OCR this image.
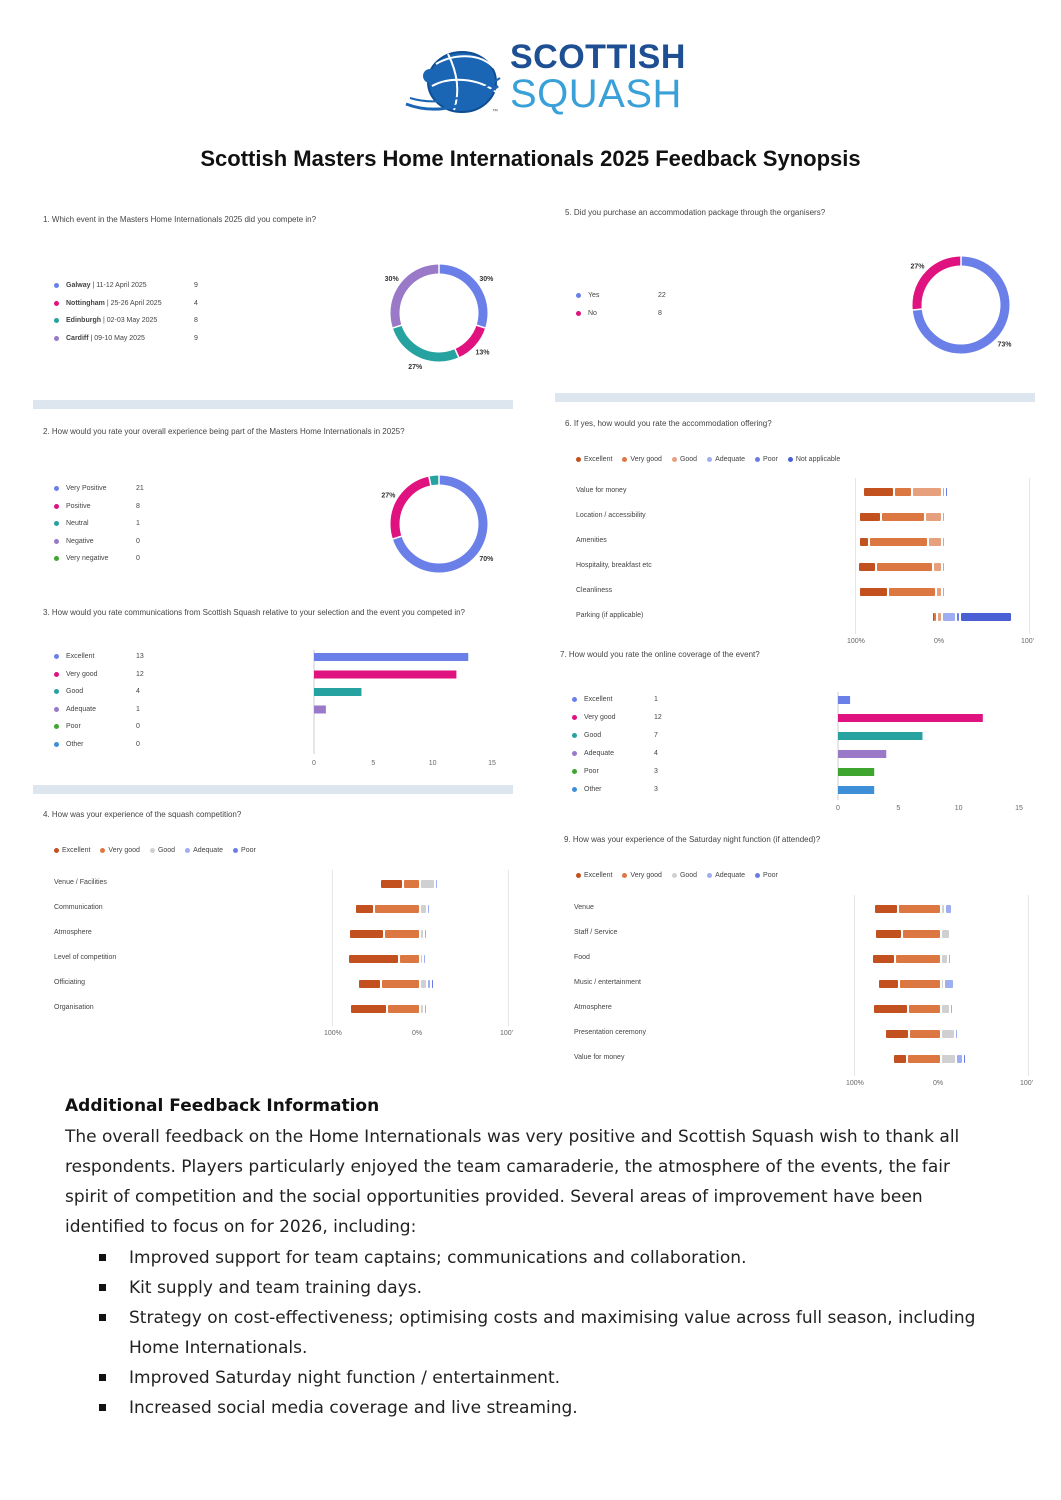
SCOTTISH
SQUASH
™
Scottish Masters Home Internationals 2025 Feedback Synopsis
1. Which event in the Masters Home Internationals 2025 did you compete in?
Galway | 11-12 April 2025	9
Nottingham | 25-26 April 2025	4
Edinburgh | 02-03 May 2025	8
Cardiff | 09-10 May 2025	9
30%
13%
27%
30%
2. How would you rate your overall experience being part of the Masters Home Internationals in 2025?
Very Positive	21
Positive	8
Neutral	1
Negative	0
Very negative	0	70%
27%
3. How would you rate communications from Scottish Squash relative to your selection and the event you competed in?
Excellent	13
Very good	12
Good	4
Adequate	1
Poor	0
Other	0
0	5	10	15
4. How was your experience of the squash competition?
Excellent	Very good	Good	Adequate	Poor
Venue / Facilities
Communication
Atmosphere
Level of competition
Officiating
Organisation
100%	0%	100'
5. Did you purchase an accommodation package through the organisers?
Yes	22
No	8
73%
27%
6. If yes, how would you rate the accommodation offering?
Excellent	Very good	Good	Adequate	Poor	Not applicable
Value for money
Location / accessibility
Amenities
Hospitality, breakfast etc
Cleanliness
Parking (if applicable)
100%	0%	100'
7. How would you rate the online coverage of the event?
Excellent	1
Very good	12
Good	7
Adequate	4
Poor	3
Other	3
0	5	10	15
9. How was your experience of the Saturday night function (if attended)?
Excellent	Very good	Good	Adequate	Poor
Venue
Staff / Service
Food
Music / entertainment
Atmosphere
Presentation ceremony
Value for money
100%	0%	100'
Additional Feedback Information
The overall feedback on the Home Internationals was very positive and Scottish Squash wish to thank all respondents. Players particularly enjoyed the team camaraderie, the atmosphere of the events, the fair spirit of competition and the social opportunities provided. Several areas of improvement have been identified to focus on for 2026, including:
Improved support for team captains; communications and collaboration.
Kit supply and team training days.
Strategy on cost-effectiveness; optimising costs and maximising value across full season, including Home Internationals.
Improved Saturday night function / entertainment.
Increased social media coverage and live streaming.
